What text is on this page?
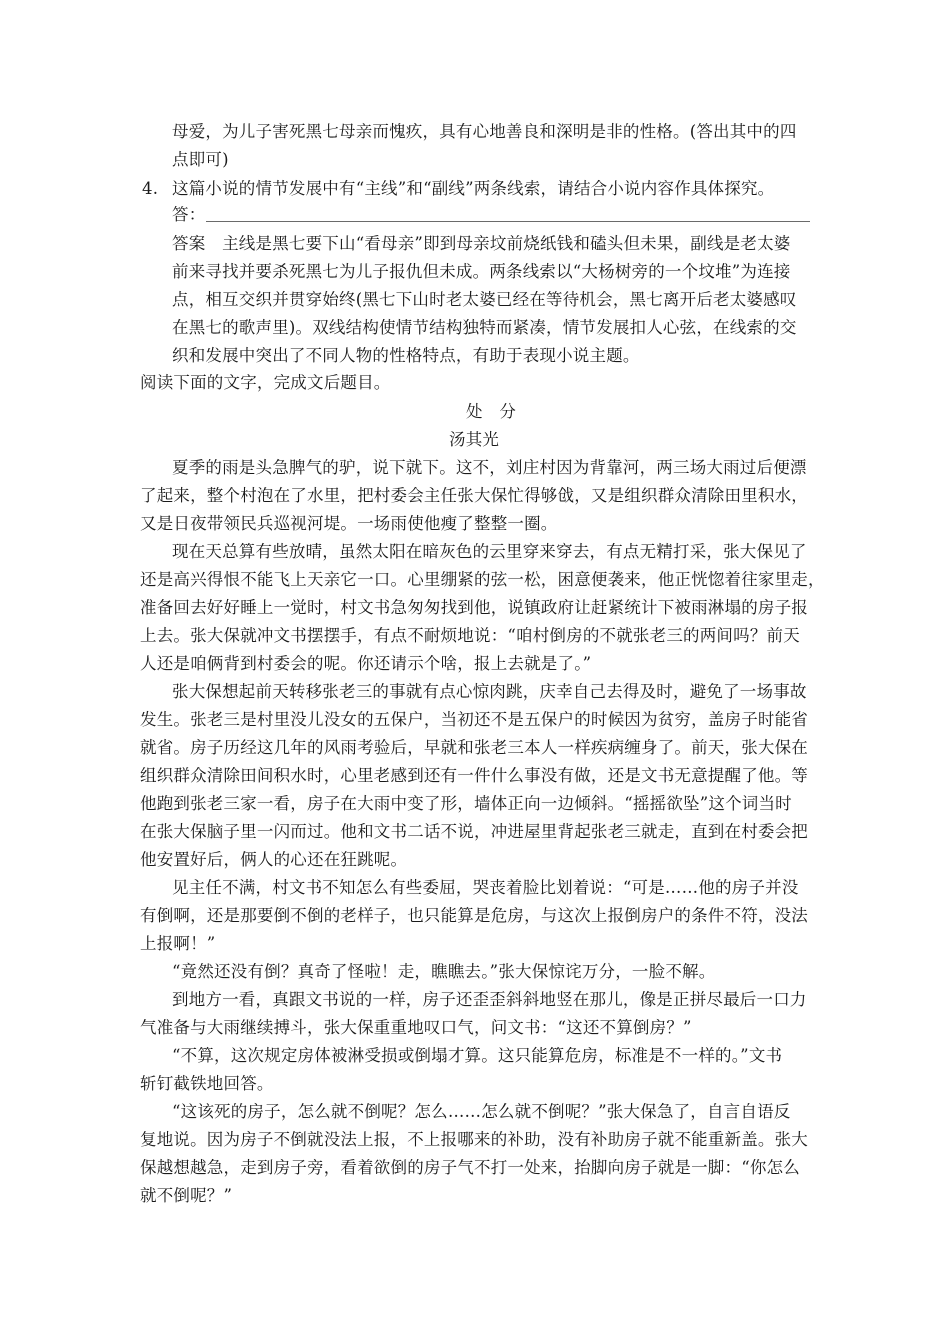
母爱，为儿子害死黑七母亲而愧疚，具有心地善良和深明是非的性格。(答出其中的四
点即可)
4. 这篇小说的情节发展中有“主线”和“副线”两条线索，请结合小说内容作具体探究。
答：
答案　主线是黑七要下山“看母亲”即到母亲坟前烧纸钱和磕头但未果，副线是老太婆
前来寻找并要杀死黑七为儿子报仇但未成。两条线索以“大杨树旁的一个坟堆”为连接
点，相互交织并贯穿始终(黑七下山时老太婆已经在等待机会，黑七离开后老太婆感叹
在黑七的歌声里)。双线结构使情节结构独特而紧凑，情节发展扣人心弦，在线索的交
织和发展中突出了不同人物的性格特点，有助于表现小说主题。
阅读下面的文字，完成文后题目。
处　分
汤其光
夏季的雨是头急脾气的驴，说下就下。这不，刘庄村因为背靠河，两三场大雨过后便漂
了起来，整个村泡在了水里，把村委会主任张大保忙得够戗，又是组织群众清除田里积水，
又是日夜带领民兵巡视河堤。一场雨使他瘦了整整一圈。
现在天总算有些放晴，虽然太阳在暗灰色的云里穿来穿去，有点无精打采，张大保见了
还是高兴得恨不能飞上天亲它一口。心里绷紧的弦一松，困意便袭来，他正恍惚着往家里走，
准备回去好好睡上一觉时，村文书急匆匆找到他，说镇政府让赶紧统计下被雨淋塌的房子报
上去。张大保就冲文书摆摆手，有点不耐烦地说：“咱村倒房的不就张老三的两间吗？前天
人还是咱俩背到村委会的呢。你还请示个啥，报上去就是了。”
张大保想起前天转移张老三的事就有点心惊肉跳，庆幸自己去得及时，避免了一场事故
发生。张老三是村里没儿没女的五保户，当初还不是五保户的时候因为贫穷，盖房子时能省
就省。房子历经这几年的风雨考验后，早就和张老三本人一样疾病缠身了。前天，张大保在
组织群众清除田间积水时，心里老感到还有一件什么事没有做，还是文书无意提醒了他。等
他跑到张老三家一看，房子在大雨中变了形，墙体正向一边倾斜。“摇摇欲坠”这个词当时
在张大保脑子里一闪而过。他和文书二话不说，冲进屋里背起张老三就走，直到在村委会把
他安置好后，俩人的心还在狂跳呢。
见主任不满，村文书不知怎么有些委屈，哭丧着脸比划着说：“可是……他的房子并没
有倒啊，还是那要倒不倒的老样子，也只能算是危房，与这次上报倒房户的条件不符，没法
上报啊！”
“竟然还没有倒？真奇了怪啦！走，瞧瞧去。”张大保惊诧万分，一脸不解。
到地方一看，真跟文书说的一样，房子还歪歪斜斜地竖在那儿，像是正拼尽最后一口力
气准备与大雨继续搏斗，张大保重重地叹口气，问文书：“这还不算倒房？”
“不算，这次规定房体被淋受损或倒塌才算。这只能算危房，标准是不一样的。”文书
斩钉截铁地回答。
“这该死的房子，怎么就不倒呢？怎么……怎么就不倒呢？”张大保急了，自言自语反
复地说。因为房子不倒就没法上报，不上报哪来的补助，没有补助房子就不能重新盖。张大
保越想越急，走到房子旁，看着欲倒的房子气不打一处来，抬脚向房子就是一脚：“你怎么
就不倒呢？”
